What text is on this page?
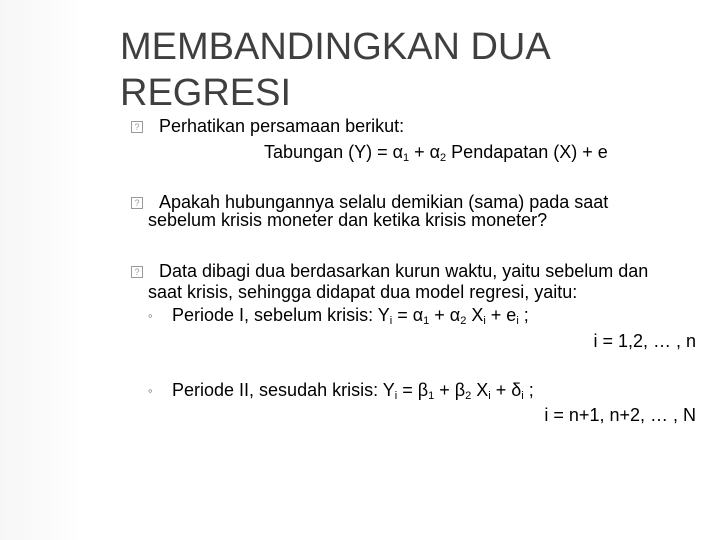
MEMBANDINGKAN DUA
REGRESI
? Perhatikan persamaan berikut:
Tabungan $(Y) = \alpha_1 + \alpha_2$ Pendapatan (X) + e
? Apakah hubungannya selalu demikian (sama) pada saat
sebelum krisis moneter dan ketika krisis moneter?
? Data dibagi dua berdasarkan kurun waktu, yaitu sebelum dan
saat krisis, sehingga didapat dua model regresi, yaitu:
◦ Periode I, sebelum krisis: $Y_i = \alpha_1 + \alpha_2$ $X_i + e_i$ ;
i = 1,2, … , n
◦ Periode II, sesudah krisis: $Y_i = \beta_1 + \beta_2$ $X_i + \delta_i$ ;
i = n+1, n+2, … , N
